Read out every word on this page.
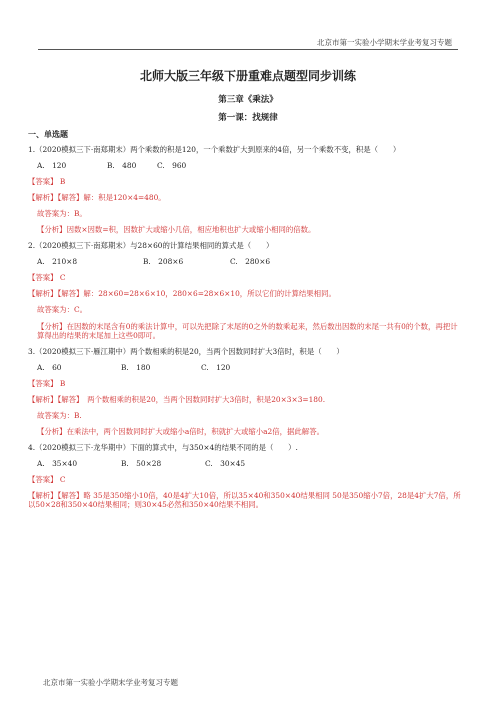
北京市第一实验小学期末学业考复习专题
北师大版三年级下册重难点题型同步训练
第三章《乘法》
第一课：找规律
一、单选题
1.（2020模拟三下·南郑期末）两个乘数的积是120，一个乘数扩大到原来的4倍，另一个乘数不变，积是（　　）
A.　120	B.　480	C.　960
【答案】 B
【解析】【解答】解：积是120×4=480。
故答案为：B。
【分析】因数×因数=积，因数扩大或缩小几倍，相应地积也扩大或缩小相同的倍数。
2.（2020模拟三下·南郑期末）与28×60的计算结果相同的算式是（　　）
A.　210×8	B.　208×6	C.　280×6
【答案】 C
【解析】【解答】解：28×60=28×6×10，280×6=28×6×10，所以它们的计算结果相同。
故答案为：C。
【分析】在因数的末尾含有0的乘法计算中，可以先把除了末尾的0之外的数乘起来，然后数出因数的末尾一共有0的个数，再把计算得出的结果的末尾加上这些0即可。
3.（2020模拟三下·雁江期中）两个数相乘的积是20，当两个因数同时扩大3倍时，积是（　　）
A.　60	B.　180	C.　120
【答案】 B
【解析】【解答】　两个数相乘的积是20，当两个因数同时扩大3倍时，积是20×3×3=180.
故答案为：B.
【分析】在乘法中，两个因数同时扩大或缩小a倍时，积就扩大或缩小a2倍，据此解答。
4.（2020模拟三下·龙华期中）下面的算式中，与350×4的结果不同的是（　　）.
A.　35×40	B.　50×28	C.　30×45
【答案】 C
【解析】【解答】略 35是350缩小10倍，40是4扩大10倍，所以35×40和350×40结果相同 50是350缩小7倍，28是4扩大7倍，所以50×28和350×40结果相同；则30×45必然和350×40结果不相同。
北京市第一实验小学期末学业考复习专题
